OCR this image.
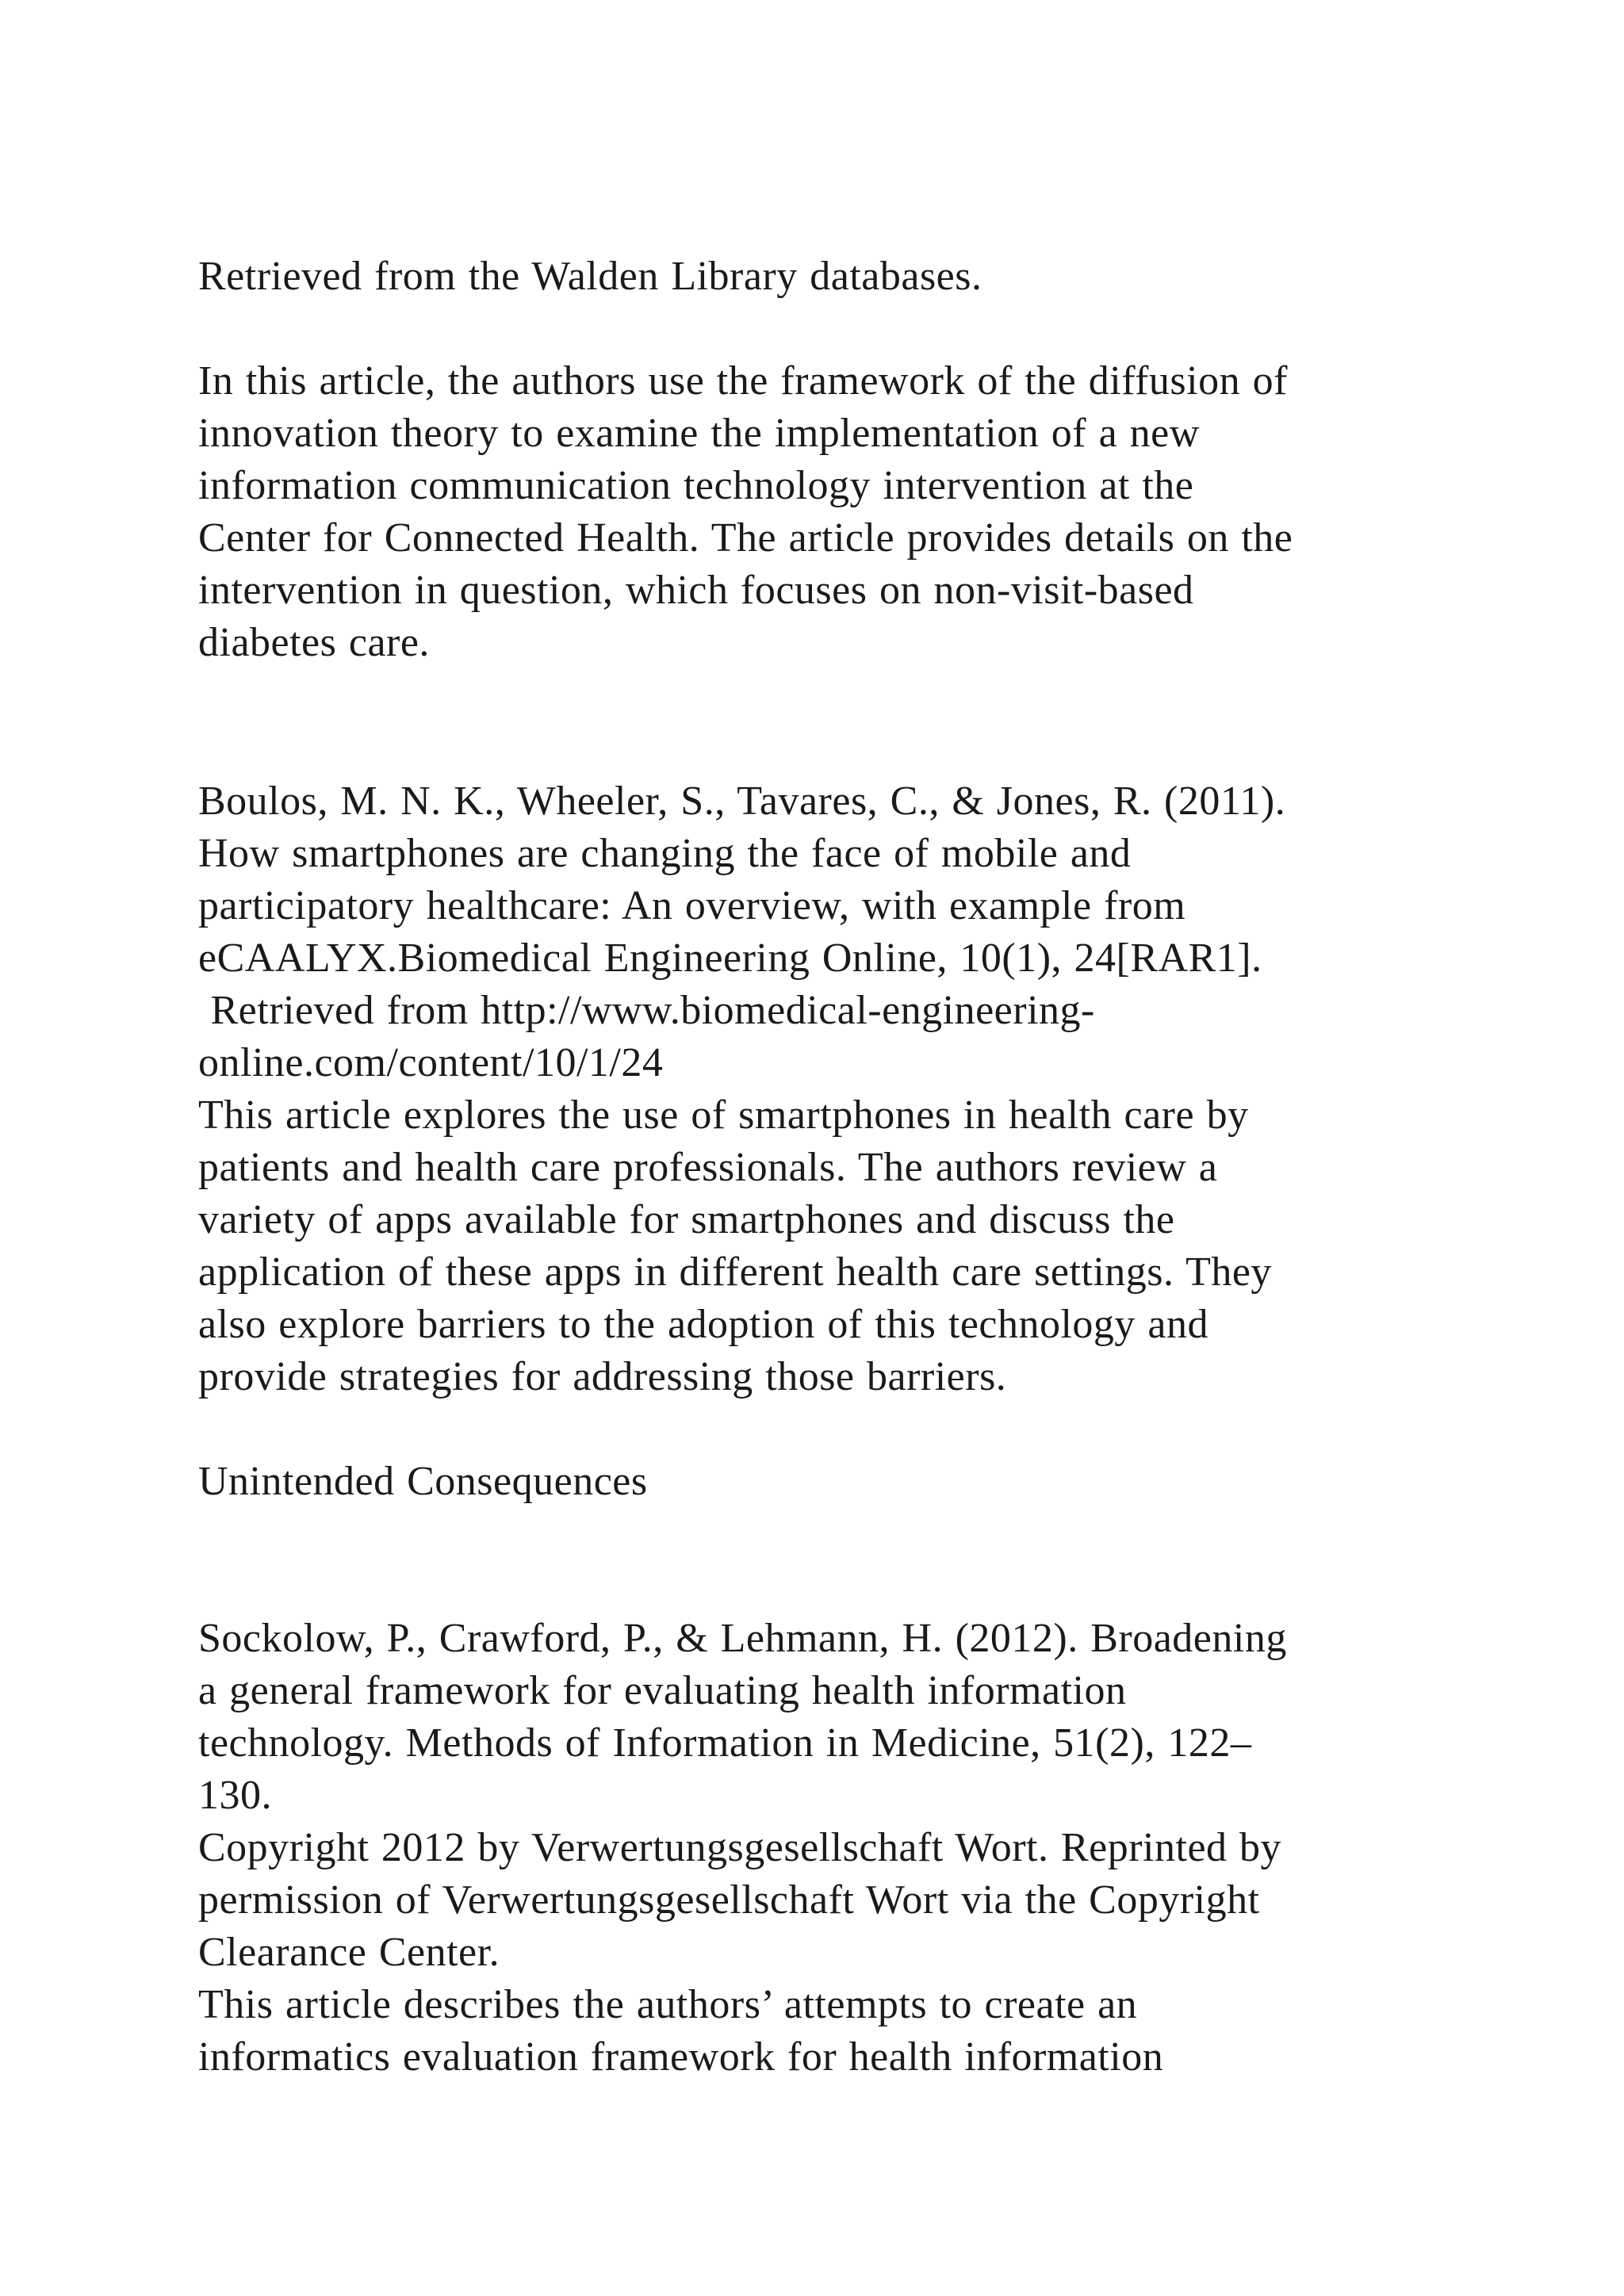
Retrieved from the Walden Library databases.

In this article, the authors use the framework of the diffusion of
innovation theory to examine the implementation of a new
information communication technology intervention at the
Center for Connected Health. The article provides details on the
intervention in question, which focuses on non-visit-based
diabetes care.

Boulos, M. N. K., Wheeler, S., Tavares, C., & Jones, R. (2011).
How smartphones are changing the face of mobile and
participatory healthcare: An overview, with example from
eCAALYX.Biomedical Engineering Online, 10(1), 24[RAR1].
Retrieved from http://www.biomedical-engineering-
online.com/content/10/1/24
This article explores the use of smartphones in health care by
patients and health care professionals. The authors review a
variety of apps available for smartphones and discuss the
application of these apps in different health care settings. They
also explore barriers to the adoption of this technology and
provide strategies for addressing those barriers.

Unintended Consequences

Sockolow, P., Crawford, P., & Lehmann, H. (2012). Broadening
a general framework for evaluating health information
technology. Methods of Information in Medicine, 51(2), 122–
130.
Copyright 2012 by Verwertungsgesellschaft Wort. Reprinted by
permission of Verwertungsgesellschaft Wort via the Copyright
Clearance Center.
This article describes the authors’ attempts to create an
informatics evaluation framework for health information
